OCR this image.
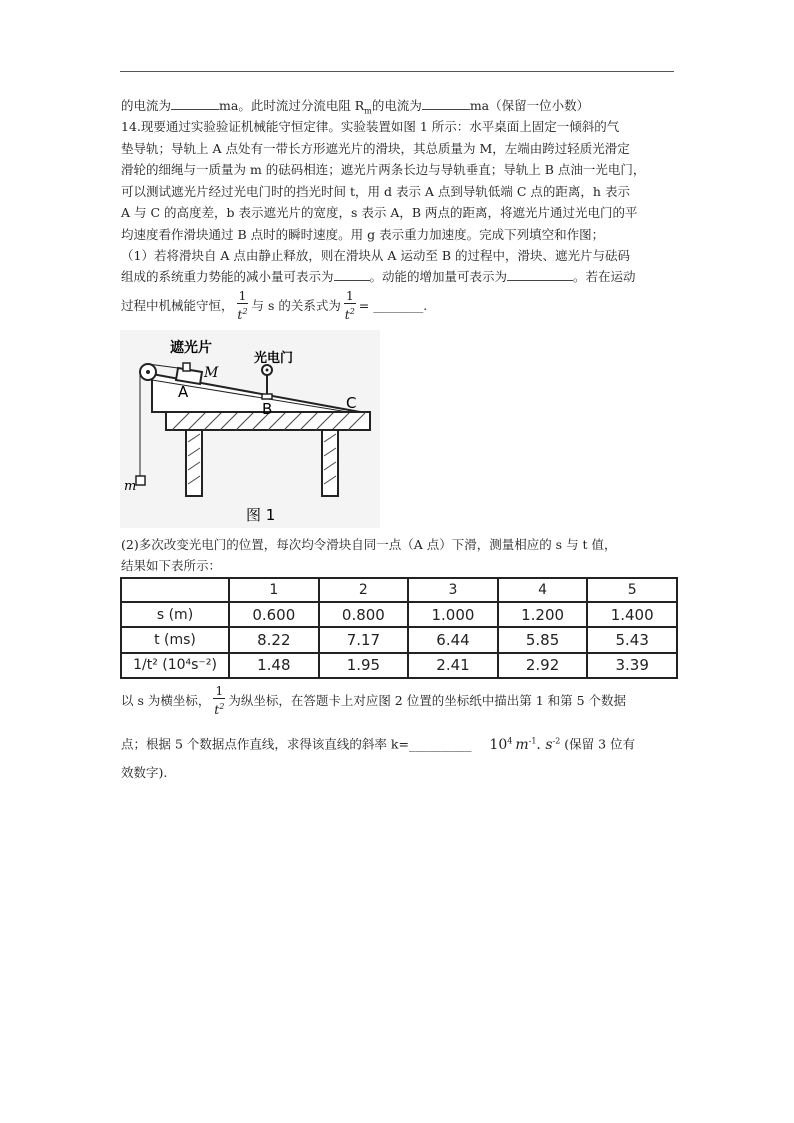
的电流为	ma。此时流过分流电阻 $R_m$的电流为	ma（保留一位小数）
14.现要通过实验验证机械能守恒定律。实验装置如图 1 所示：水平桌面上固定一倾斜的气
垫导轨；导轨上 A 点处有一带长方形遮光片的滑块，其总质量为 M，左端由跨过轻质光滑定
滑轮的细绳与一质量为 m 的砝码相连；遮光片两条长边与导轨垂直；导轨上 B 点油一光电门，
可以测试遮光片经过光电门时的挡光时间 t，用 d 表示 A 点到导轨低端 C 点的距离，h 表示
A 与 C 的高度差，b 表示遮光片的宽度，s 表示 A，B 两点的距离，将遮光片通过光电门的平
均速度看作滑块通过 B 点时的瞬时速度。用 g 表示重力加速度。完成下列填空和作图；
（1）若将滑块自 A 点由静止释放，则在滑块从 A 运动至 B 的过程中，滑块、遮光片与砝码
组成的系统重力势能的减小量可表示为	。动能的增加量可表示为	。若在运动
过程中机械能守恒， $\frac{1}{t^2}$ 与 s 的关系式为 $\frac{1}{t^2}$ = ________.
m
遮光片
M
光电门
A
B	C
图 1
(2)多次改变光电门的位置，每次均令滑块自同一点（A 点）下滑，测量相应的 s 与 t 值，
结果如下表所示：
	1	2	3	4	5
s (m)	0.600	0.800	1.000	1.200	1.400
t (ms)	8.22	7.17	6.44	5.85	5.43
1/t² (10⁴s⁻²)	1.48	1.95	2.41	2.92	3.39
以 s 为横坐标， $\frac{1}{t^2}$ 为纵坐标，在答题卡上对应图 2 位置的坐标纸中描出第 1 和第 5 个数据
点；根据 5 个数据点作直线，求得该直线的斜率 k=__________ $10^4$ $m^{-1}$. $s^{-2}$ (保留 3 位有
效数字).
